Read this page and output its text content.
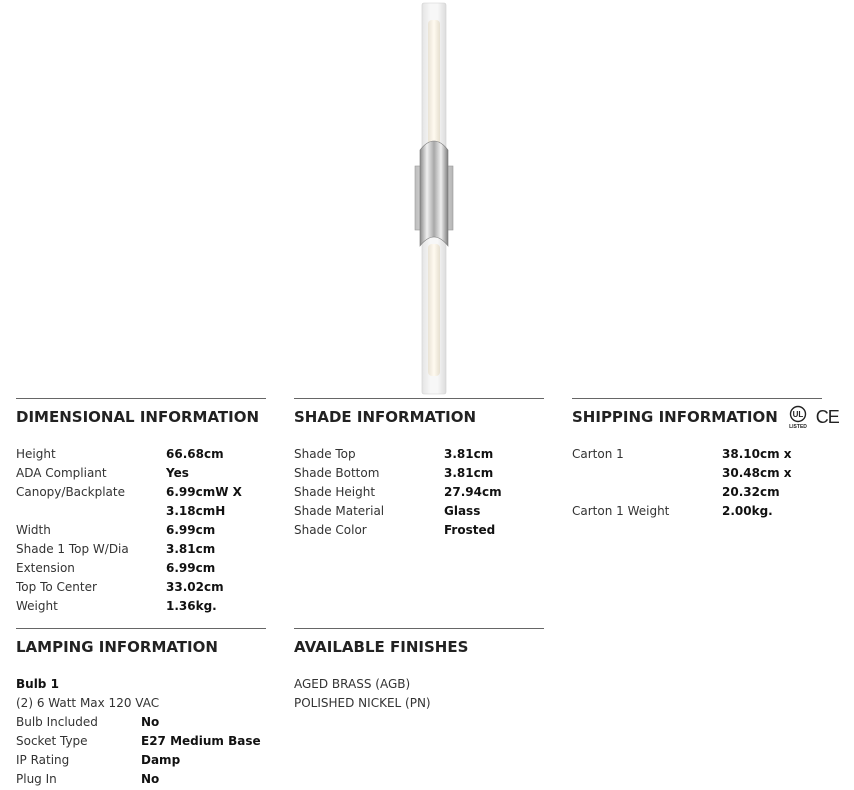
DIMENSIONAL INFORMATION
Height	66.68cm
ADA Compliant	Yes
Canopy/Backplate	6.99cmW X 3.18cmH
Width	6.99cm
Shade 1 Top W/Dia	3.81cm
Extension	6.99cm
Top To Center	33.02cm
Weight	1.36kg.
SHADE INFORMATION
Shade Top	3.81cm
Shade Bottom	3.81cm
Shade Height	27.94cm
Shade Material	Glass
Shade Color	Frosted
SHIPPING INFORMATION UL
LISTED CE
Carton 1	38.10cm x 30.48cm x 20.32cm
Carton 1 Weight	2.00kg.
LAMPING INFORMATION
Bulb 1
(2) 6 Watt Max 120 VAC
Bulb Included	No
Socket Type	E27 Medium Base
IP Rating	Damp
Plug In	No
AVAILABLE FINISHES
AGED BRASS (AGB)
POLISHED NICKEL (PN)
